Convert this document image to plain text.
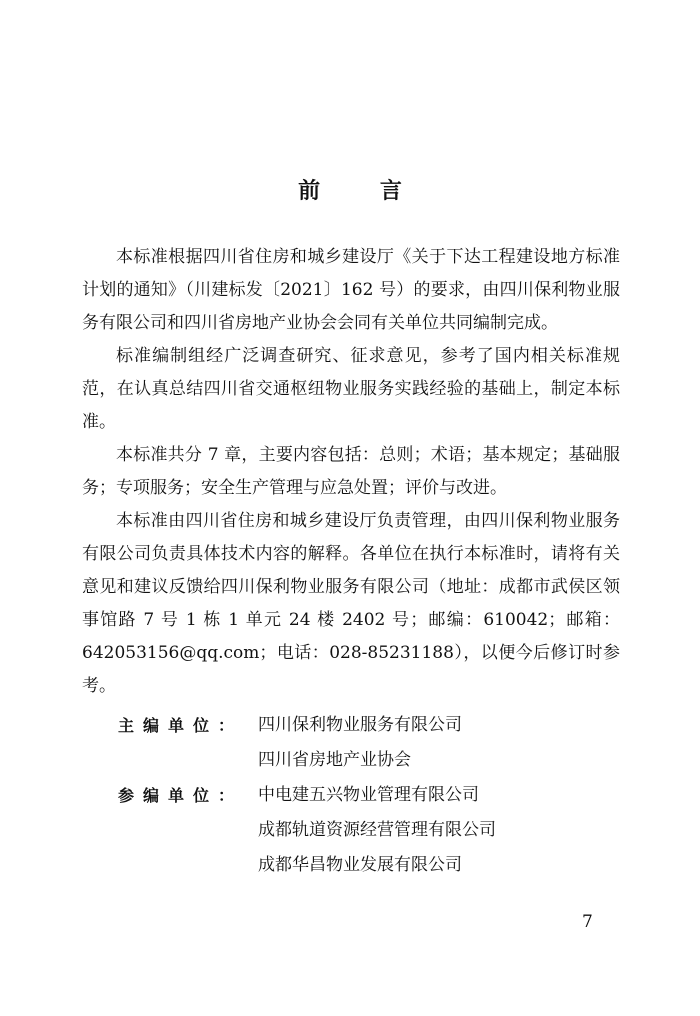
前 言

本标准根据四川省住房和城乡建设厅《关于下达工程建设地方标准计划的通知》（川建标发〔2021〕162 号）的要求，由四川保利物业服务有限公司和四川省房地产业协会会同有关单位共同编制完成。

标准编制组经广泛调查研究、征求意见，参考了国内相关标准规范，在认真总结四川省交通枢纽物业服务实践经验的基础上，制定本标准。

本标准共分 7 章，主要内容包括：总则；术语；基本规定；基础服务；专项服务；安全生产管理与应急处置；评价与改进。

本标准由四川省住房和城乡建设厅负责管理，由四川保利物业服务有限公司负责具体技术内容的解释。各单位在执行本标准时，请将有关意见和建议反馈给四川保利物业服务有限公司（地址：成都市武侯区领事馆路 7 号 1 栋 1 单元 24 楼 2402 号；邮编：610042；邮箱：642053156@qq.com；电话：028-85231188），以便今后修订时参考。

主编单位： 四川保利物业服务有限公司
四川省房地产业协会
参编单位： 中电建五兴物业管理有限公司
成都轨道资源经营管理有限公司
成都华昌物业发展有限公司
7
